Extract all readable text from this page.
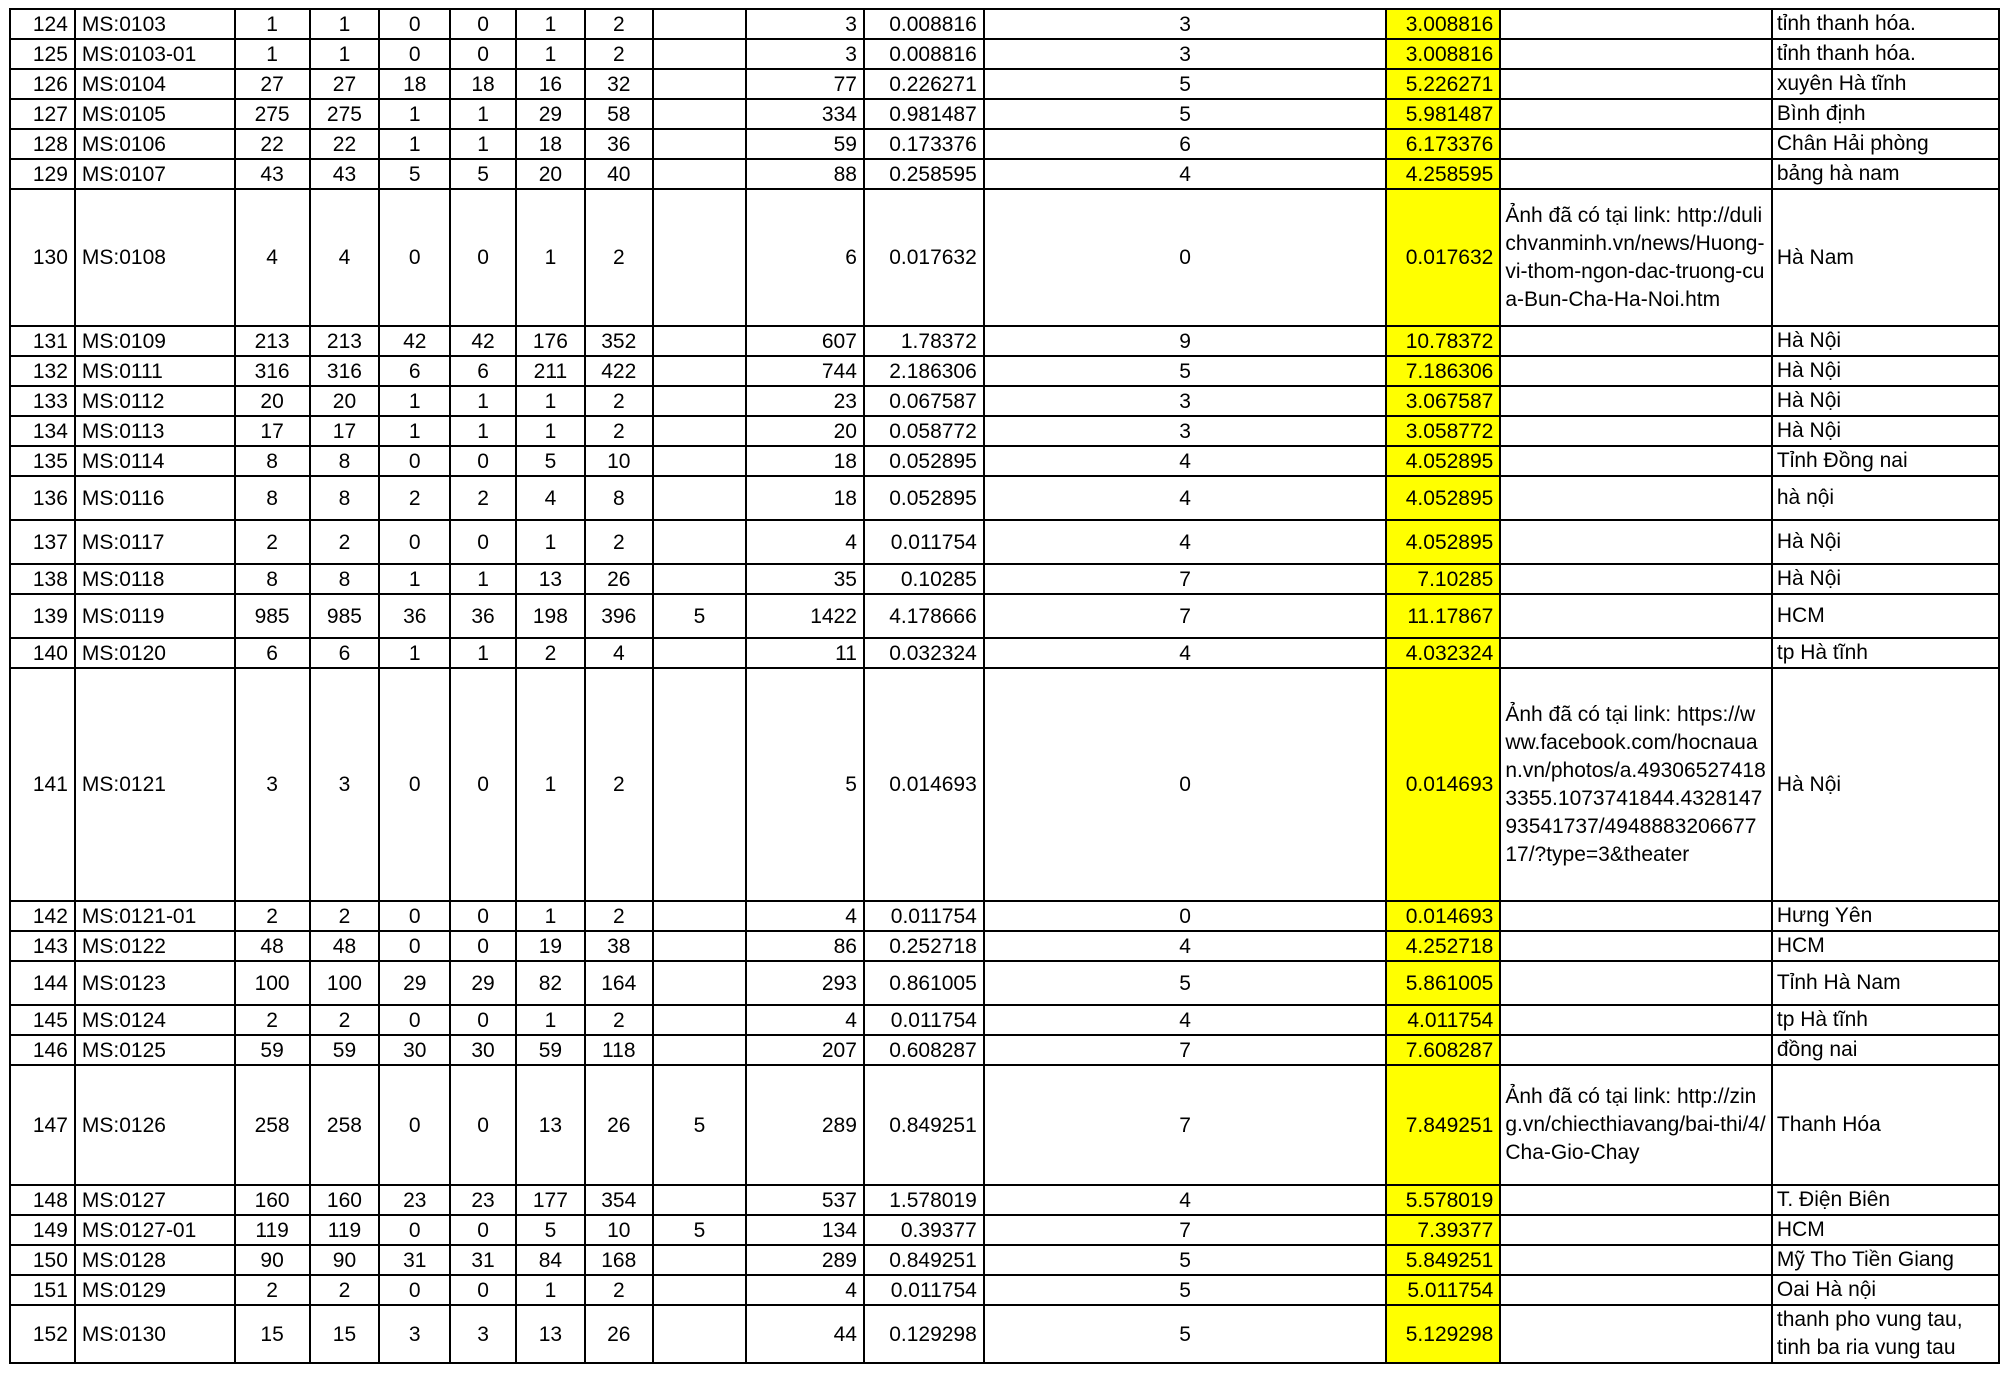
124	MS:0103	1	1	0	0	1	2		3	0.008816	3	3.008816		tỉnh thanh hóa.
125	MS:0103-01	1	1	0	0	1	2		3	0.008816	3	3.008816		tỉnh thanh hóa.
126	MS:0104	27	27	18	18	16	32		77	0.226271	5	5.226271		xuyên Hà tĩnh
127	MS:0105	275	275	1	1	29	58		334	0.981487	5	5.981487		Bình định
128	MS:0106	22	22	1	1	18	36		59	0.173376	6	6.173376		Chân Hải phòng
129	MS:0107	43	43	5	5	20	40		88	0.258595	4	4.258595		bảng hà nam
130	MS:0108	4	4	0	0	1	2		6	0.017632	0	0.017632	Ảnh đã có tại link: http://dulichvanminh.vn/news/Huong-vi-thom-ngon-dac-truong-cua-Bun-Cha-Ha-Noi.htm	Hà Nam
131	MS:0109	213	213	42	42	176	352		607	1.78372	9	10.78372		Hà Nội
132	MS:0111	316	316	6	6	211	422		744	2.186306	5	7.186306		Hà Nội
133	MS:0112	20	20	1	1	1	2		23	0.067587	3	3.067587		Hà Nội
134	MS:0113	17	17	1	1	1	2		20	0.058772	3	3.058772		Hà Nội
135	MS:0114	8	8	0	0	5	10		18	0.052895	4	4.052895		Tỉnh Đồng nai
136	MS:0116	8	8	2	2	4	8		18	0.052895	4	4.052895		hà nội
137	MS:0117	2	2	0	0	1	2		4	0.011754	4	4.052895		Hà Nội
138	MS:0118	8	8	1	1	13	26		35	0.10285	7	7.10285		Hà Nội
139	MS:0119	985	985	36	36	198	396	5	1422	4.178666	7	11.17867		HCM
140	MS:0120	6	6	1	1	2	4		11	0.032324	4	4.032324		tp Hà tĩnh
141	MS:0121	3	3	0	0	1	2		5	0.014693	0	0.014693	Ảnh đã có tại link: https://www.facebook.com/hocnauan.vn/photos/a.493065274183355.1073741844.432814793541737/494888320667717/?type=3&theater	Hà Nội
142	MS:0121-01	2	2	0	0	1	2		4	0.011754	0	0.014693		Hưng Yên
143	MS:0122	48	48	0	0	19	38		86	0.252718	4	4.252718		HCM
144	MS:0123	100	100	29	29	82	164		293	0.861005	5	5.861005		Tỉnh Hà Nam
145	MS:0124	2	2	0	0	1	2		4	0.011754	4	4.011754		tp Hà tĩnh
146	MS:0125	59	59	30	30	59	118		207	0.608287	7	7.608287		đồng nai
147	MS:0126	258	258	0	0	13	26	5	289	0.849251	7	7.849251	Ảnh đã có tại link: http://zing.vn/chiecthiavang/bai-thi/4/Cha-Gio-Chay	Thanh Hóa
148	MS:0127	160	160	23	23	177	354		537	1.578019	4	5.578019		T. Điện Biên
149	MS:0127-01	119	119	0	0	5	10	5	134	0.39377	7	7.39377		HCM
150	MS:0128	90	90	31	31	84	168		289	0.849251	5	5.849251		Mỹ Tho Tiền Giang
151	MS:0129	2	2	0	0	1	2		4	0.011754	5	5.011754		Oai Hà nội
152	MS:0130	15	15	3	3	13	26		44	0.129298	5	5.129298		thanh pho vung tau, tinh ba ria vung tau
